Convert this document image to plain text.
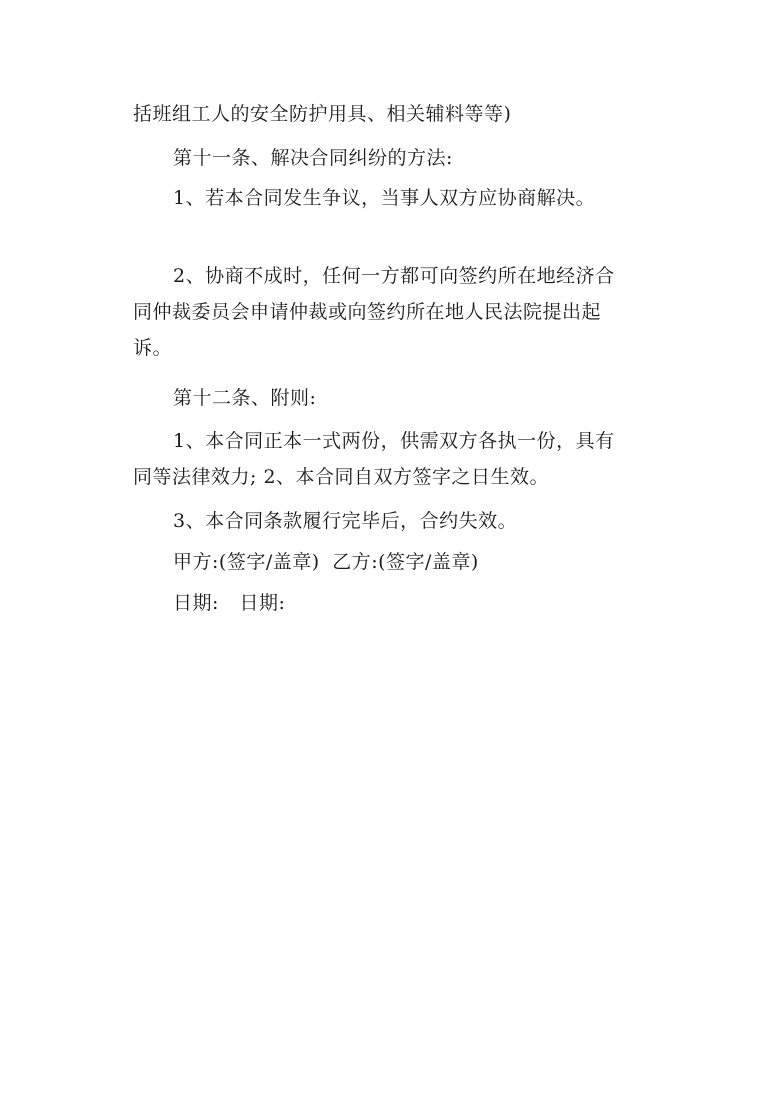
括班组工人的安全防护用具、相关辅料等等)

第十一条、解决合同纠纷的方法:

1、若本合同发生争议，当事人双方应协商解决。

2、协商不成时，任何一方都可向签约所在地经济合
同仲裁委员会申请仲裁或向签约所在地人民法院提出起
诉。

第十二条、附则:

1、本合同正本一式两份，供需双方各执一份，具有
同等法律效力; 2、本合同自双方签字之日生效。

3、本合同条款履行完毕后，合约失效。

甲方:(签字/盖章) 乙方:(签字/盖章)
日期: 日期:
